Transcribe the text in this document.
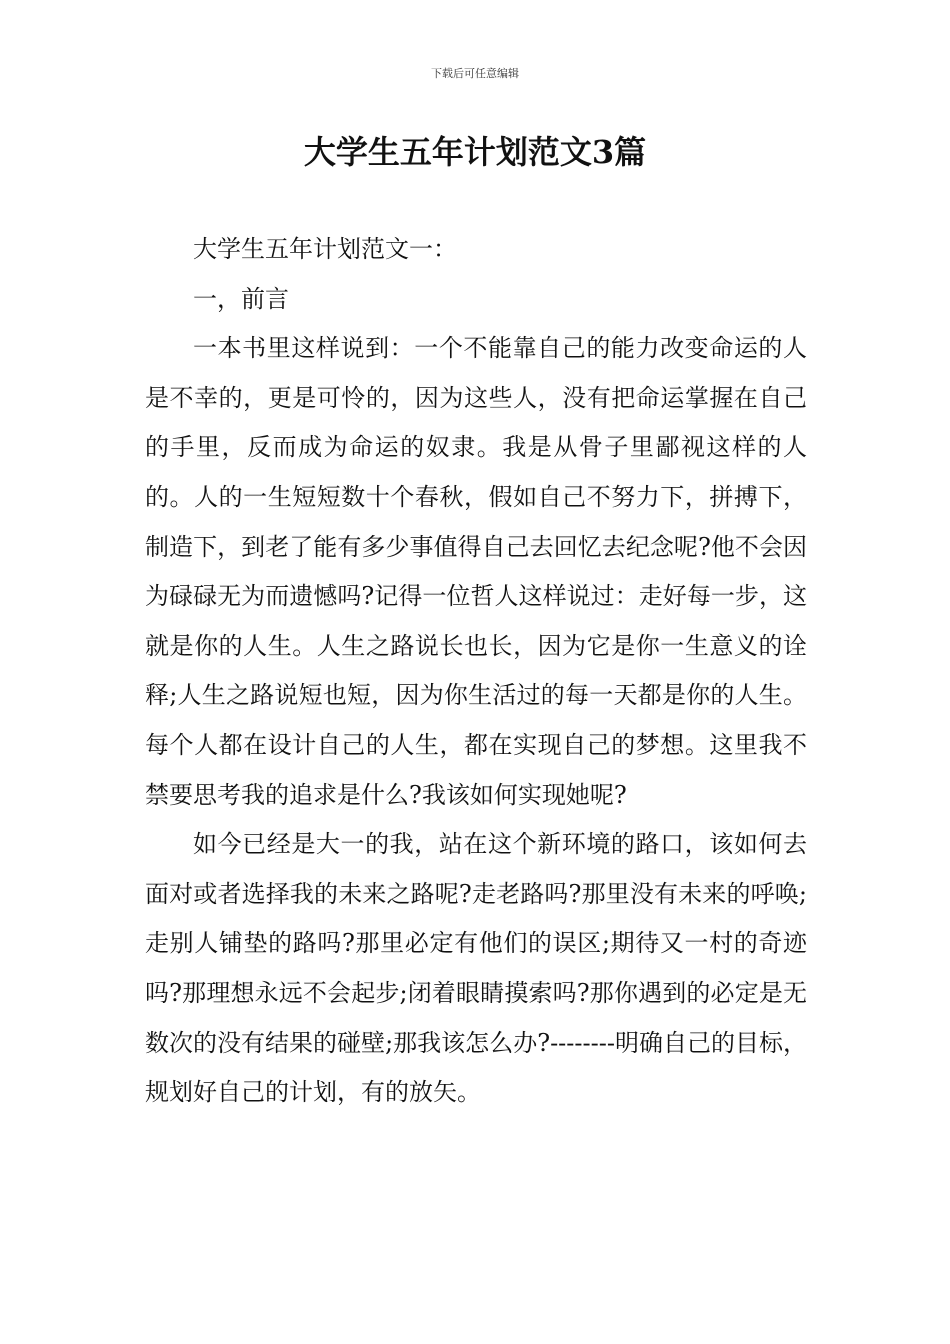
下载后可任意编辑
大学生五年计划范文3篇

大学生五年计划范文一：

一，前言

一本书里这样说到：一个不能靠自己的能力改变命运的人是不幸的，更是可怜的，因为这些人，没有把命运掌握在自己的手里，反而成为命运的奴隶。我是从骨子里鄙视这样的人的。人的一生短短数十个春秋，假如自己不努力下，拼搏下，制造下，到老了能有多少事值得自己去回忆去纪念呢?他不会因为碌碌无为而遗憾吗?记得一位哲人这样说过：走好每一步，这就是你的人生。人生之路说长也长，因为它是你一生意义的诠释;人生之路说短也短，因为你生活过的每一天都是你的人生。每个人都在设计自己的人生，都在实现自己的梦想。这里我不禁要思考我的追求是什么?我该如何实现她呢?

如今已经是大一的我，站在这个新环境的路口，该如何去面对或者选择我的未来之路呢?走老路吗?那里没有未来的呼唤;走别人铺垫的路吗?那里必定有他们的误区;期待又一村的奇迹吗?那理想永远不会起步;闭着眼睛摸索吗?那你遇到的必定是无数次的没有结果的碰壁;那我该怎么办?--------明确自己的目标，规划好自己的计划，有的放矢。
